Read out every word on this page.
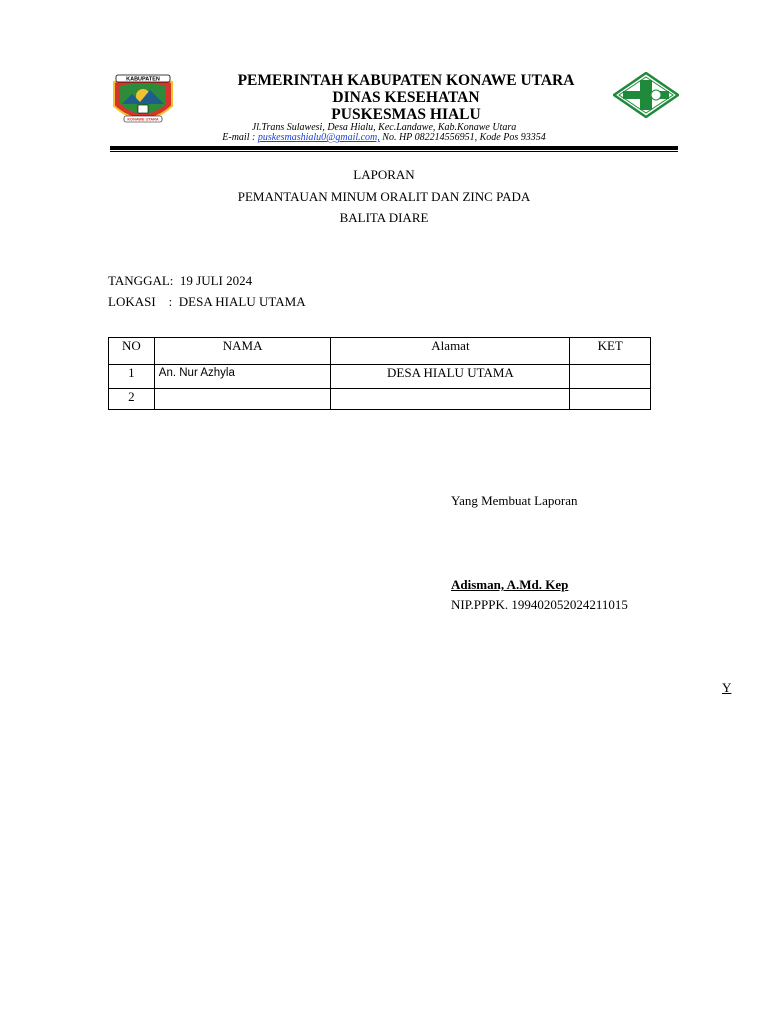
KABUPATEN
KONAWE UTARA
PEMERINTAH KABUPATEN KONAWE UTARA
DINAS KESEHATAN
PUSKESMAS HIALU
Jl.Trans Sulawesi, Desa Hialu, Kec.Landawe, Kab.Konawe Utara
E-mail : puskesmashialu0@gmail.com, No. HP 082214556951, Kode Pos 93354
LAPORAN
PEMANTAUAN MINUM ORALIT DAN ZINC PADA
BALITA DIARE
TANGGAL: 19 JULI 2024
LOKASI : DESA HIALU UTAMA
NO	NAMA	Alamat	KET
1	An. Nur Azhyla	DESA HIALU UTAMA	
2			
Yang Membuat Laporan
Adisman, A.Md. Kep
NIP.PPPK. 199402052024211015
Y
